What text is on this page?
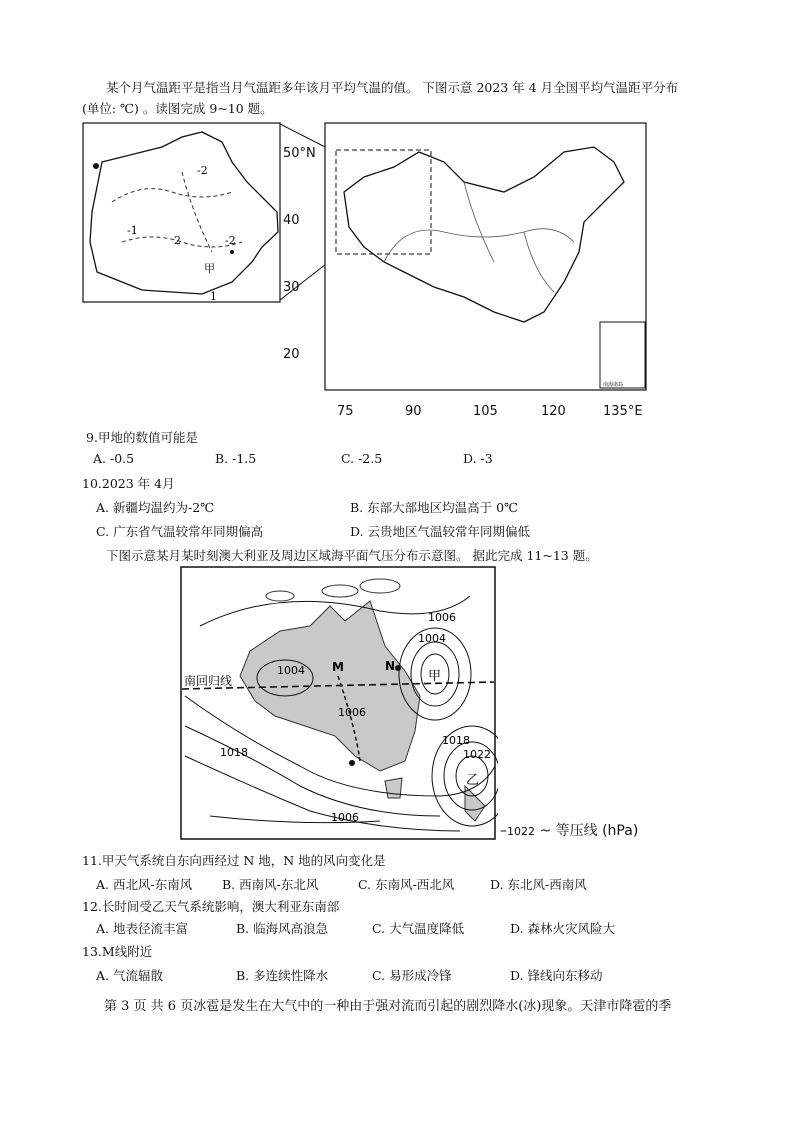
某个月气温距平是指当月气温距多年该月平均气温的值。 下图示意 2023 年 4 月全国平均气温距平分布
(单位: ℃) 。读图完成 9~10 题。
-2
-1
2	-2
甲
1
南海诸岛
50°N
40
30
20
75	90	105	120	135°E
9.甲地的数值可能是
A. -0.5	B. -1.5	C. -2.5	D. -3
10.2023 年 4月
A. 新疆均温约为-2℃	B. 东部大部地区均温高于 0℃
C. 广东省气温较常年同期偏高	D. 云贵地区气温较常年同期偏低
下图示意某月某时刻澳大利亚及周边区域海平面气压分布示意图。 据此完成 11~13 题。
1006
1004
1004
1006
1018
1018	1022
1006
M	N
甲
乙
南回归线
–1022 ~ 等压线 (hPa)
11.甲天气系统自东向西经过 N 地，N 地的风向变化是
A. 西北风-东南风 B. 西南风-东北风	C. 东南风-西北风	D. 东北风-西南风
12.长时间受乙天气系统影响，澳大利亚东南部
A. 地表径流丰富	B. 临海风高浪急	C. 大气温度降低	D. 森林火灾风险大
13.M线附近
A. 气流辐散	B. 多连续性降水	C. 易形成冷锋	D. 锋线向东移动
第 3 页 共 6 页冰雹是发生在大气中的一种由于强对流而引起的剧烈降水(冰)现象。天津市降雹的季
